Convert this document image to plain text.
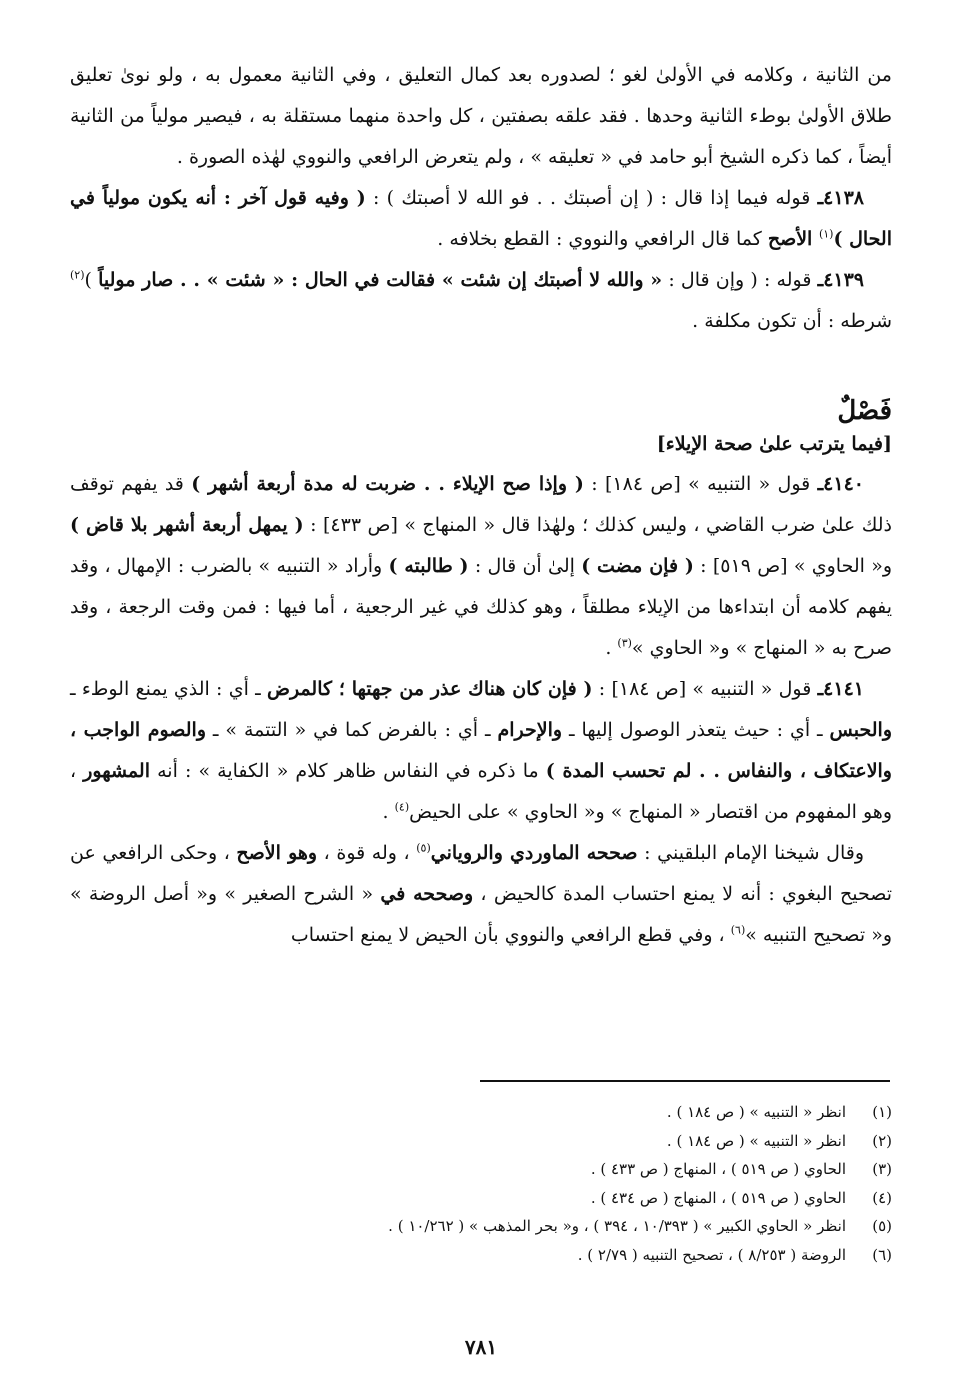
من الثانية ، وكلامه في الأولىٰ لغو ؛ لصدوره بعد كمال التعليق ، وفي الثانية معمول به ، ولو نوىٰ تعليق طلاق الأولىٰ بوطء الثانية وحدها . فقد علقه بصفتين ، كل واحدة منهما مستقلة به ، فيصير مولياً من الثانية أيضاً ، كما ذكره الشيخ أبو حامد في « تعليقه » ، ولم يتعرض الرافعي والنووي لهٰذه الصورة .

٤١٣٨ـ قوله فيما إذا قال : ( إن أصبتك . . فو الله لا أصبتك ) : ( وفيه قول آخر : أنه يكون مولياً في الحال )$^{(١)}$ الأصح كما قال الرافعي والنووي : القطع بخلافه .

٤١٣٩ـ قوله : ( وإن قال : « والله لا أصبتك إن شئت » فقالت في الحال : « شئت » . . صار مولياً )$^{(٢)}$ شرطه : أن تكون مكلفة .

فَصْلٌ
[فيما يترتب علىٰ صحة الإيلاء]

٤١٤٠ـ قول « التنبيه » [ص ١٨٤] : ( وإذا صح الإيلاء . . ضربت له مدة أربعة أشهر ) قد يفهم توقف ذلك علىٰ ضرب القاضي ، وليس كذلك ؛ ولهٰذا قال « المنهاج » [ص ٤٣٣] : ( يمهل أربعة أشهر بلا قاض ) و« الحاوي » [ص ٥١٩] : ( فإن مضت ) إلىٰ أن قال : ( طالبته ) وأراد « التنبيه » بالضرب : الإمهال ، وقد يفهم كلامه أن ابتداءها من الإيلاء مطلقاً ، وهو كذلك في غير الرجعية ، أما فيها : فمن وقت الرجعة ، وقد صرح به « المنهاج » و« الحاوي »$^{(٣)}$ .

٤١٤١ـ قول « التنبيه » [ص ١٨٤] : ( فإن كان هناك عذر من جهتها ؛ كالمرض ـ أي : الذي يمنع الوطء ـ والحبس ـ أي : حيث يتعذر الوصول إليها ـ والإحرام ـ أي : بالفرض كما في « التتمة » ـ والصوم الواجب ، والاعتكاف ، والنفاس . . لم تحسب المدة ) ما ذكره في النفاس ظاهر كلام « الكفاية » : أنه المشهور ، وهو المفهوم من اقتصار « المنهاج » و« الحاوي » على الحيض$^{(٤)}$ .

وقال شيخنا الإمام البلقيني : صححه الماوردي والروياني$^{(٥)}$ ، وله قوة ، وهو الأصح ، وحكى الرافعي عن تصحيح البغوي : أنه لا يمنع احتساب المدة كالحيض ، وصححه في « الشرح الصغير » و« أصل الروضة » و« تصحيح التنبيه »$^{(٦)}$ ، وفي قطع الرافعي والنووي بأن الحيض لا يمنع احتساب

(١)انظر « التنبيه » ( ص ١٨٤ ) .

(٢)انظر « التنبيه » ( ص ١٨٤ ) .

(٣)الحاوي ( ص ٥١٩ ) ، المنهاج ( ص ٤٣٣ ) .

(٤)الحاوي ( ص ٥١٩ ) ، المنهاج ( ص ٤٣٤ ) .

(٥)انظر « الحاوي الكبير » ( ١٠/٣٩٣ ، ٣٩٤ ) ، و« بحر المذهب » ( ١٠/٢٦٢ ) .

(٦)الروضة ( ٨/٢٥٣ ) ، تصحيح التنبيه ( ٢/٧٩ ) .

٧٨١
